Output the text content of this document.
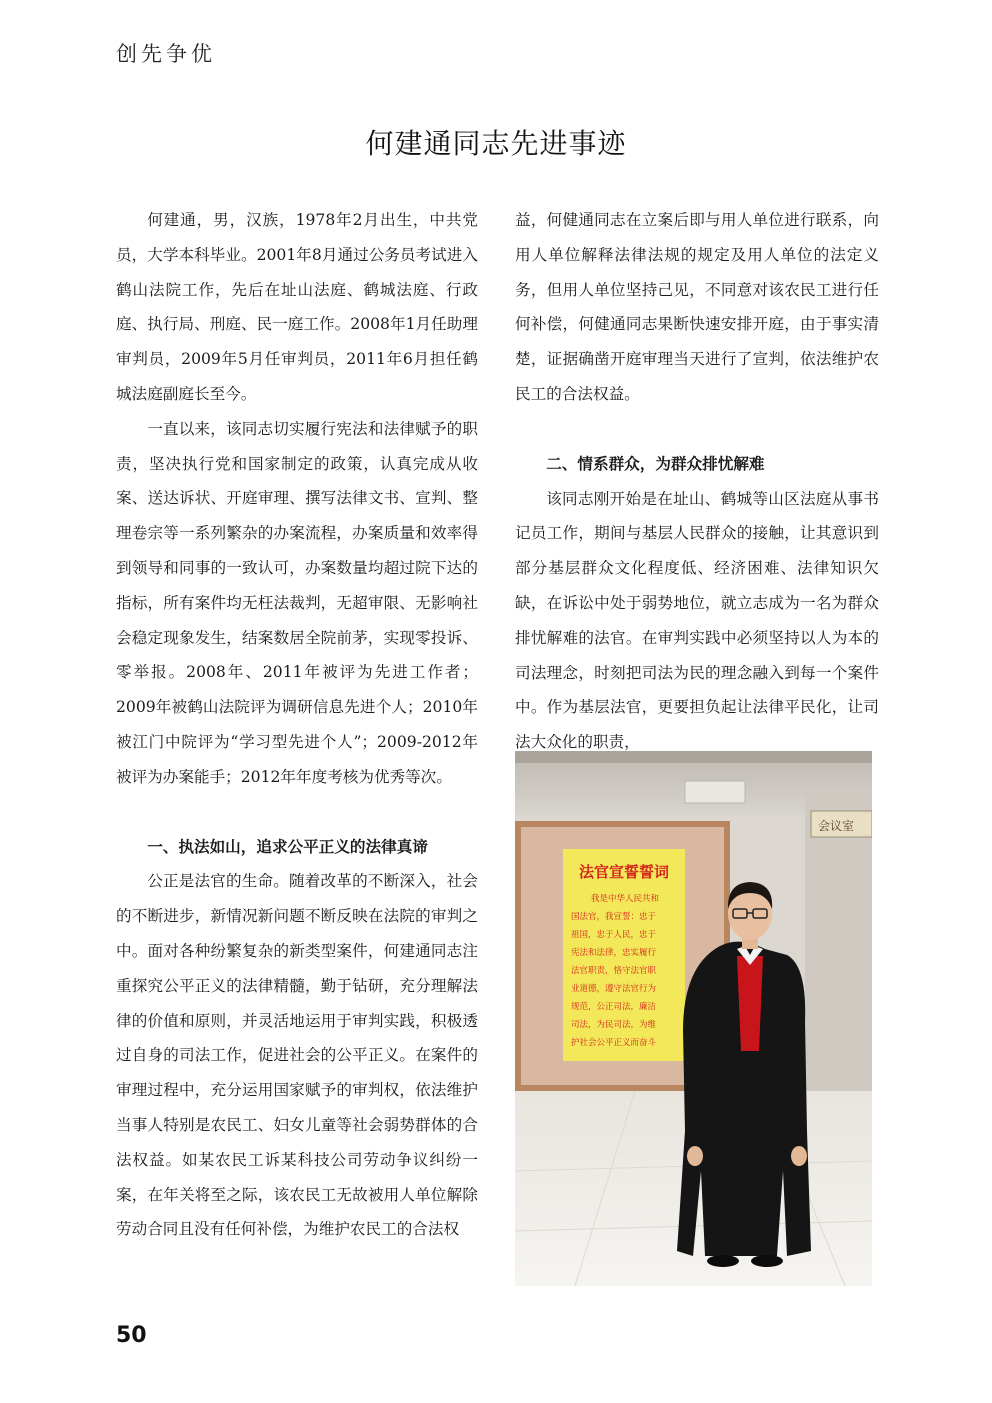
创先争优
何建通同志先进事迹

何建通，男，汉族，1978年2月出生，中共党员，大学本科毕业。2001年8月通过公务员考试进入鹤山法院工作，先后在址山法庭、鹤城法庭、行政庭、执行局、刑庭、民一庭工作。2008年1月任助理审判员，2009年5月任审判员，2011年6月担任鹤城法庭副庭长至今。

一直以来，该同志切实履行宪法和法律赋予的职责，坚决执行党和国家制定的政策，认真完成从收案、送达诉状、开庭审理、撰写法律文书、宣判、整理卷宗等一系列繁杂的办案流程，办案质量和效率得到领导和同事的一致认可，办案数量均超过院下达的指标，所有案件均无枉法裁判，无超审限、无影响社会稳定现象发生，结案数居全院前茅，实现零投诉、零举报。2008年、2011年被评为先进工作者；2009年被鹤山法院评为调研信息先进个人；2010年被江门中院评为“学习型先进个人”；2009-2012年被评为办案能手；2012年年度考核为优秀等次。

一、执法如山，追求公平正义的法律真谛

公正是法官的生命。随着改革的不断深入，社会的不断进步，新情况新问题不断反映在法院的审判之中。面对各种纷繁复杂的新类型案件，何建通同志注重探究公平正义的法律精髓，勤于钻研，充分理解法律的价值和原则，并灵活地运用于审判实践，积极透过自身的司法工作，促进社会的公平正义。在案件的审理过程中，充分运用国家赋予的审判权，依法维护当事人特别是农民工、妇女儿童等社会弱势群体的合法权益。如某农民工诉某科技公司劳动争议纠纷一案，在年关将至之际，该农民工无故被用人单位解除劳动合同且没有任何补偿，为维护农民工的合法权

益，何健通同志在立案后即与用人单位进行联系，向用人单位解释法律法规的规定及用人单位的法定义务，但用人单位坚持己见，不同意对该农民工进行任何补偿，何健通同志果断快速安排开庭，由于事实清楚，证据确凿开庭审理当天进行了宣判，依法维护农民工的合法权益。

二、情系群众，为群众排忧解难

该同志刚开始是在址山、鹤城等山区法庭从事书记员工作，期间与基层人民群众的接触，让其意识到部分基层群众文化程度低、经济困难、法律知识欠缺，在诉讼中处于弱势地位，就立志成为一名为群众排忧解难的法官。在审判实践中必须坚持以人为本的司法理念，时刻把司法为民的理念融入到每一个案件中。作为基层法官，更要担负起让法律平民化，让司法大众化的职责，

会议室
法官宣誓誓词
我是中华人民共和
国法官，我宣誓：忠于
祖国，忠于人民，忠于
宪法和法律，忠实履行
法官职责，恪守法官职
业道德，遵守法官行为
规范，公正司法，廉洁
司法，为民司法，为维
护社会公平正义而奋斗
50
